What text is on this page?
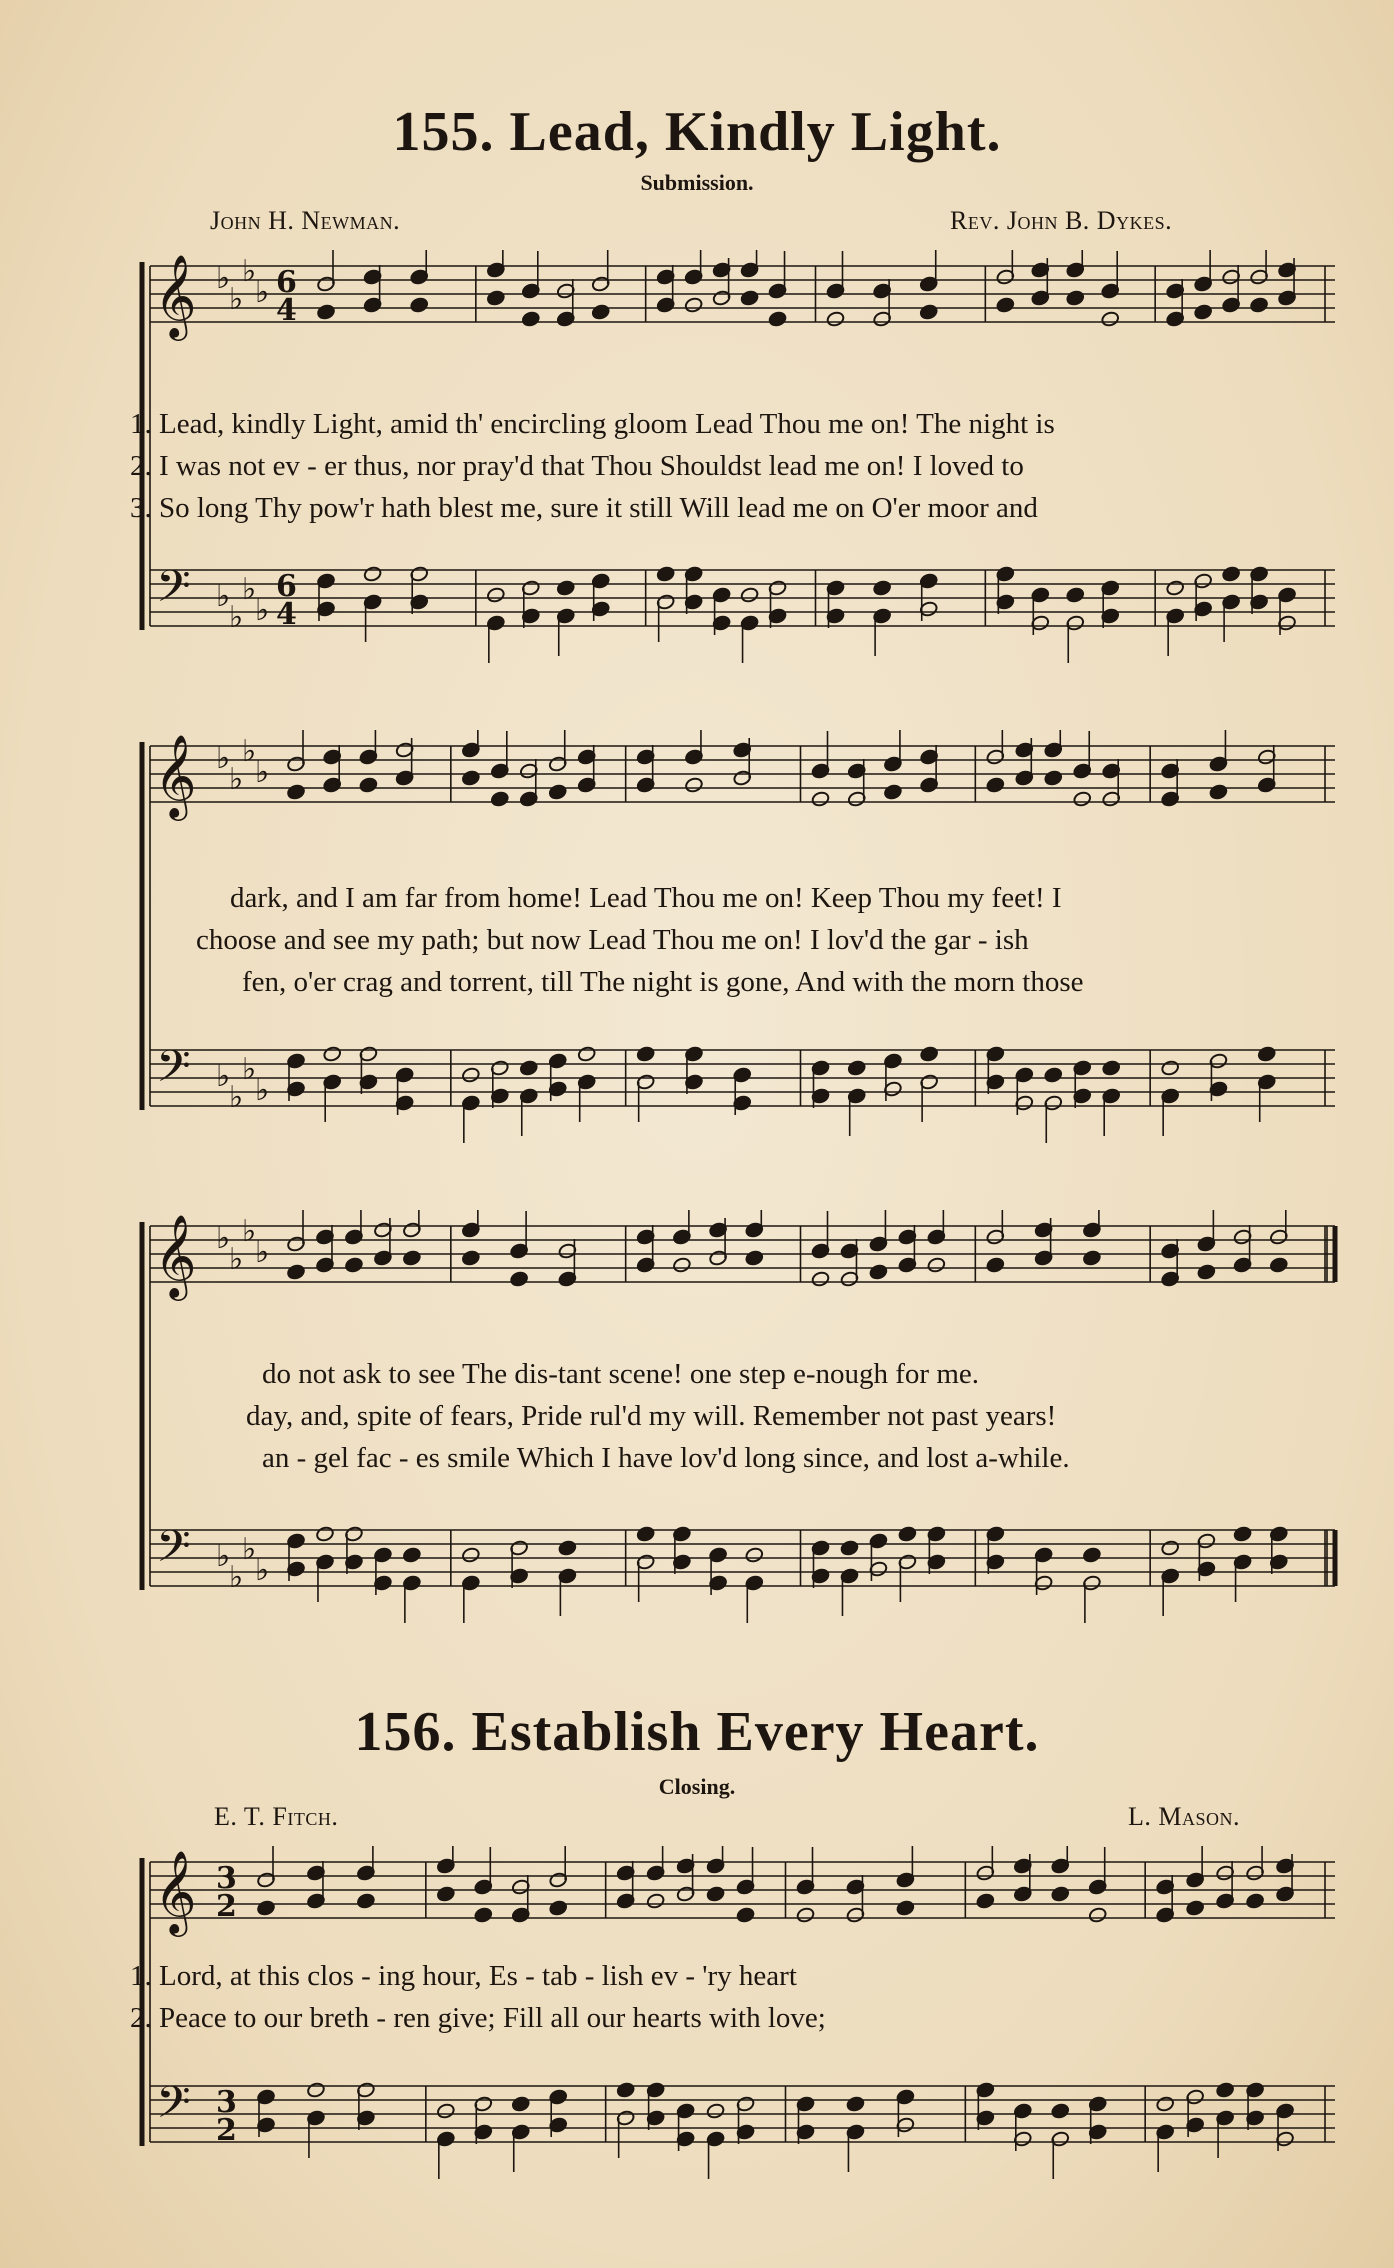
155. Lead, Kindly Light.
Submission.
John H. Newman.	Rev. John B. Dykes.
𝄞
𝄢
♭
♭
♭
♭
♭
♭
♭
♭
6
4
6
4
1. Lead, kindly Light, amid th' encircling gloom Lead Thou me on! The night is
2. I was not ev - er thus, nor pray'd that Thou Shouldst lead me on! I loved to
3. So long Thy pow'r hath blest me, sure it still Will lead me on O'er moor and
𝄞
𝄢
♭
♭
♭
♭
♭
♭
♭
♭
dark, and I am far from home! Lead Thou me on! Keep Thou my feet! I
choose and see my path; but now Lead Thou me on! I lov'd the gar - ish
fen, o'er crag and torrent, till The night is gone, And with the morn those
𝄞
𝄢
♭
♭
♭
♭
♭
♭
♭
♭
do not ask to see The dis-tant scene! one step e-nough for me.
day, and, spite of fears, Pride rul'd my will. Remember not past years!
an - gel fac - es smile Which I have lov'd long since, and lost a-while.
156. Establish Every Heart.
Closing.
E. T. Fitch.	L. Mason.
𝄞
𝄢
3
2
3
2
1. Lord, at this clos - ing hour, Es - tab - lish ev - 'ry heart
2. Peace to our breth - ren give; Fill all our hearts with love;
